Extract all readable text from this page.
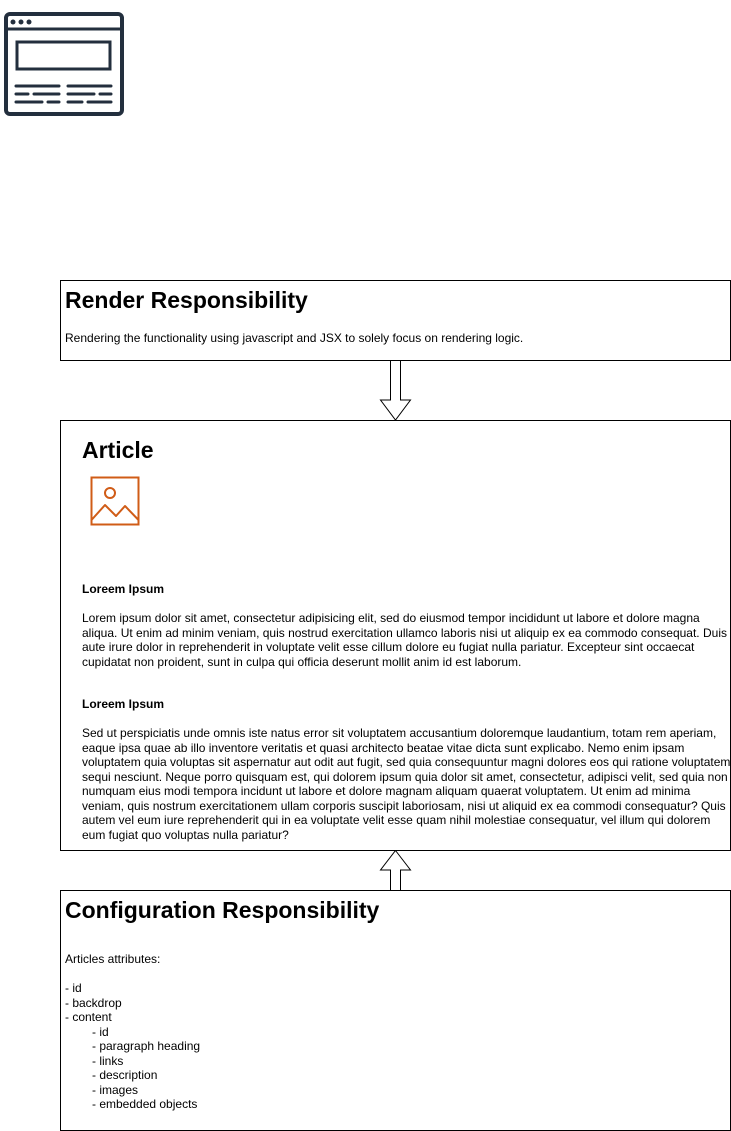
Render Responsibility
Rendering the functionality using javascript and JSX to solely focus on rendering logic.
Article
Loreem Ipsum
Lorem ipsum dolor sit amet, consectetur adipisicing elit, sed do eiusmod tempor incididunt ut labore et dolore magna aliqua. Ut enim ad minim veniam, quis nostrud exercitation ullamco laboris nisi ut aliquip ex ea commodo consequat. Duis aute irure dolor in reprehenderit in voluptate velit esse cillum dolore eu fugiat nulla pariatur. Excepteur sint occaecat cupidatat non proident, sunt in culpa qui officia deserunt mollit anim id est laborum.
Loreem Ipsum
Sed ut perspiciatis unde omnis iste natus error sit voluptatem accusantium doloremque laudantium, totam rem aperiam, eaque ipsa quae ab illo inventore veritatis et quasi architecto beatae vitae dicta sunt explicabo. Nemo enim ipsam voluptatem quia voluptas sit aspernatur aut odit aut fugit, sed quia consequuntur magni dolores eos qui ratione voluptatem sequi nesciunt. Neque porro quisquam est, qui dolorem ipsum quia dolor sit amet, consectetur, adipisci velit, sed quia non numquam eius modi tempora incidunt ut labore et dolore magnam aliquam quaerat voluptatem. Ut enim ad minima veniam, quis nostrum exercitationem ullam corporis suscipit laboriosam, nisi ut aliquid ex ea commodi consequatur? Quis autem vel eum iure reprehenderit qui in ea voluptate velit esse quam nihil molestiae consequatur, vel illum qui dolorem eum fugiat quo voluptas nulla pariatur?
Configuration Responsibility
Articles attributes:
- id
- backdrop
- content
- id
- paragraph heading
- links
- description
- images
- embedded objects
